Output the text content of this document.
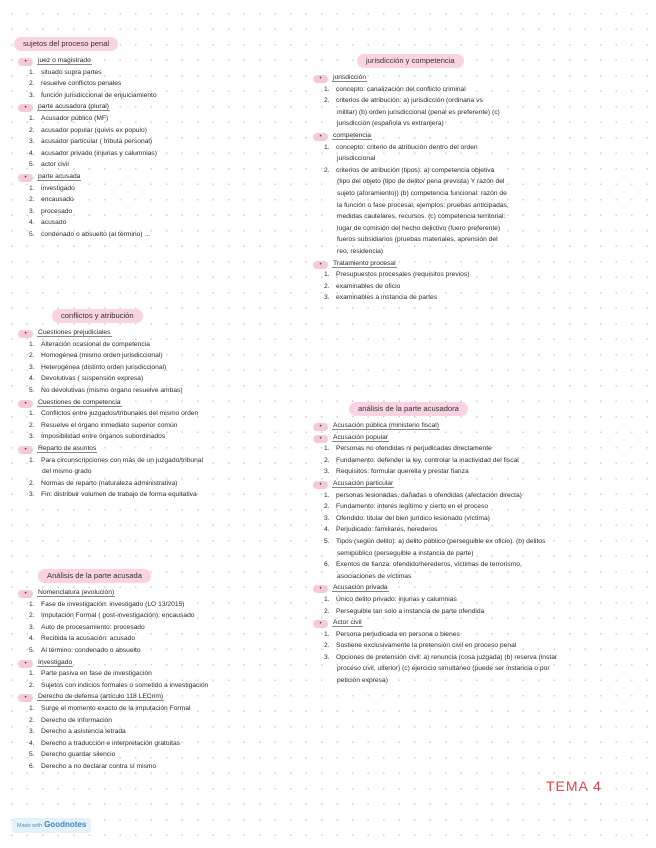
sujetos del proceso penal
• juez o magistrado
1. situado supra partes
2. resuelve conflictos penales
3. función jurisdiccional de enjuiciamiento
• parte acusadora (plural)
1. Acusador público (MF)
2. acusador popular (quivis ex populo)
3. acusador particular ( tributa personal)
4. acusador privado (injurias y calumnias)
5. actor civil
• parte acusada
1. investigado
2. encausado
3. procesado
4. acusado
5. condenado o absuelto (al término) ...
conflictos y atribución
• Cuestiones prejudiciales
1. Alteración ocasional de competencia
2. Homogénea (mismo orden jurisdiccional)
3. Heterogénea (distinto orden jurisdiccional)
4. Devolutivas ( suspensión expresa)
5. No devolutivas (mismo órgano resuelve ambas)
• Cuestiones de competencia
1. Conflictos entre juzgados/tribunales del mismo orden
2. Resuelve el órgano inmediato superior común
3. Imposibilidad entre órganos subordinados
• Reparto de asuntos
1. Para circunscripciones con más de un juzgado/tribunal
del mismo grado
2. Normas de reparto (naturaleza administrativa)
3. Fin: distribuir volumen de trabajo de forma equitativa
Análisis de la parte acusada
• Nomenclatura (evolución)
1. Fase de investigación: investigado (LO 13/2015)
2. Imputación Formal ( post-investigación): encausado
3. Auto de procesamiento: procesado
4. Recibida la acusación: acusado
5. Al término: condenado o absuelto
• Investigado
1. Parte pasiva en fase de investigación
2. Sujetos con indicios formales o sometido a investigación
• Derecho de defensa (artículo 118 LECrim)
1. Surge el momento exacto de la imputación Formal
2. Derecho de información
3. Derecho a asistencia letrada
4. Derecho a traducción e interpretación gratuitas
5. Derecho guardar silencio
6. Derecho a no declarar contra sí mismo
jurisdicción y competencia
• jurisdicción
1. concepto: canalización del conflicto criminal
2. criterios de atribución: a) jurisdicción (ordinaria vs
militar) (b) orden jurisdiccional (penal es preferente) (c)
jurisdicción (española vs extranjera)
• competencia
1. concepto: criterio de atribución dentro del orden
jurisdiccional
2. criterios de atribución (tipos): a) competencia objetiva
(tipo del objeto (tipo de delito/ pena prevista) Y razón del
sujeto (aforamiento)) (b) competencia funcional: razón de
la función o fase procesal, ejemplos: pruebas anticipadas,
medidas cautelares, recursos. (c) competencia territorial:
lugar de comisión del hecho delictivo (fuero preferente)
fueros subsidiarios (pruebas materiales, aprensión del
reo, residencia)
• Tratamiento procesal
1. Presupuestos procesales (requisitos previos)
2. examinables de oficio
3. examinables a instancia de partes
análisis de la parte acusadora
• Acusación pública (ministerio fiscal)
• Acusación popular
1. Personas no ofendidas ni perjudicadas directamente
2. Fundamento: defender la ley, controlar la inactividad del fiscal
3. Requisitos: formular querella y prestar fianza
• Acusación particular
1. personas lesionadas, dañadas u ofendidas (afectación directa)
2. Fundamento: interés legítimo y cierto en el proceso
3. Ofendido: titular del bien jurídico lesionado (víctima)
4. Perjudicado: familiares, herederos
5. Tipos (según delito): a) delito público (perseguible ex oficio). (b) delitos
semipúblico (perseguible a instancia de parte)
6. Exentos de fianza: ofendido/herederos, víctimas de terrorismo,
asociaciones de víctimas
• Acusación privada
1. Único delito privado: injurias y calumnias
2. Perseguible tan solo a instancia de parte ofendida
• Actor civil
1. Persona perjudicada en persona o bienes
2. Sostiene exclusivamente la pretensión civil en proceso penal
3. Opciones de pretensión civil: a) renuncia (cosa juzgada) (b) reserva (instar
proceso civil, ulterior) (c) ejercicio simultáneo (puede ser instancia o por
petición expresa)
TEMA 4
Made with Goodnotes
